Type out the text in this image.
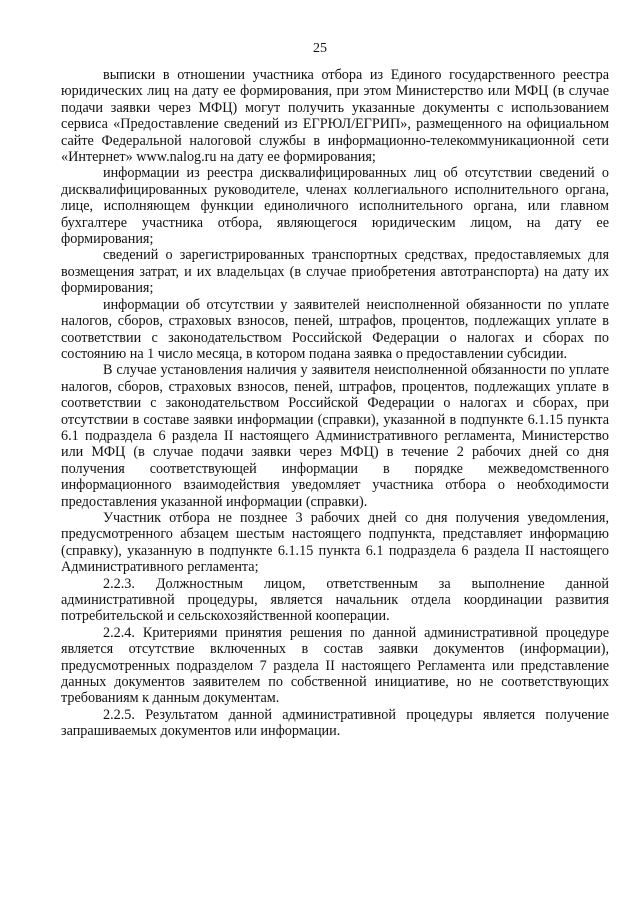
25

выписки в отношении участника отбора из Единого государственного реестра юридических лиц на дату ее формирования, при этом Министерство или МФЦ (в случае подачи заявки через МФЦ) могут получить указанные документы с использованием сервиса «Предоставление сведений из ЕГРЮЛ/ЕГРИП», размещенного на официальном сайте Федеральной налоговой службы в информационно-телекоммуникационной сети «Интернет» www.nalog.ru на дату ее формирования;

информации из реестра дисквалифицированных лиц об отсутствии сведений о дисквалифицированных руководителе, членах коллегиального исполнительного органа, лице, исполняющем функции единоличного исполнительного органа, или главном бухгалтере участника отбора, являющегося юридическим лицом, на дату ее формирования;

сведений о зарегистрированных транспортных средствах, предоставляемых для возмещения затрат, и их владельцах (в случае приобретения автотранспорта) на дату их формирования;

информации об отсутствии у заявителей неисполненной обязанности по уплате налогов, сборов, страховых взносов, пеней, штрафов, процентов, подлежащих уплате в соответствии с законодательством Российской Федерации о налогах и сборах по состоянию на 1 число месяца, в котором подана заявка о предоставлении субсидии.

В случае установления наличия у заявителя неисполненной обязанности по уплате налогов, сборов, страховых взносов, пеней, штрафов, процентов, подлежащих уплате в соответствии с законодательством Российской Федерации о налогах и сборах, при отсутствии в составе заявки информации (справки), указанной в подпункте 6.1.15 пункта 6.1 подраздела 6 раздела II настоящего Административного регламента, Министерство или МФЦ (в случае подачи заявки через МФЦ) в течение 2 рабочих дней со дня получения соответствующей информации в порядке межведомственного информационного взаимодействия уведомляет участника отбора о необходимости предоставления указанной информации (справки).

Участник отбора не позднее 3 рабочих дней со дня получения уведомления, предусмотренного абзацем шестым настоящего подпункта, представляет информацию (справку), указанную в подпункте 6.1.15 пункта 6.1 подраздела 6 раздела II настоящего Административного регламента;

2.2.3. Должностным лицом, ответственным за выполнение данной административной процедуры, является начальник отдела координации развития потребительской и сельскохозяйственной кооперации.

2.2.4. Критериями принятия решения по данной административной процедуре является отсутствие включенных в состав заявки документов (информации), предусмотренных подразделом 7 раздела II настоящего Регламента или представление данных документов заявителем по собственной инициативе, но не соответствующих требованиям к данным документам.

2.2.5. Результатом данной административной процедуры является получение запрашиваемых документов или информации.
